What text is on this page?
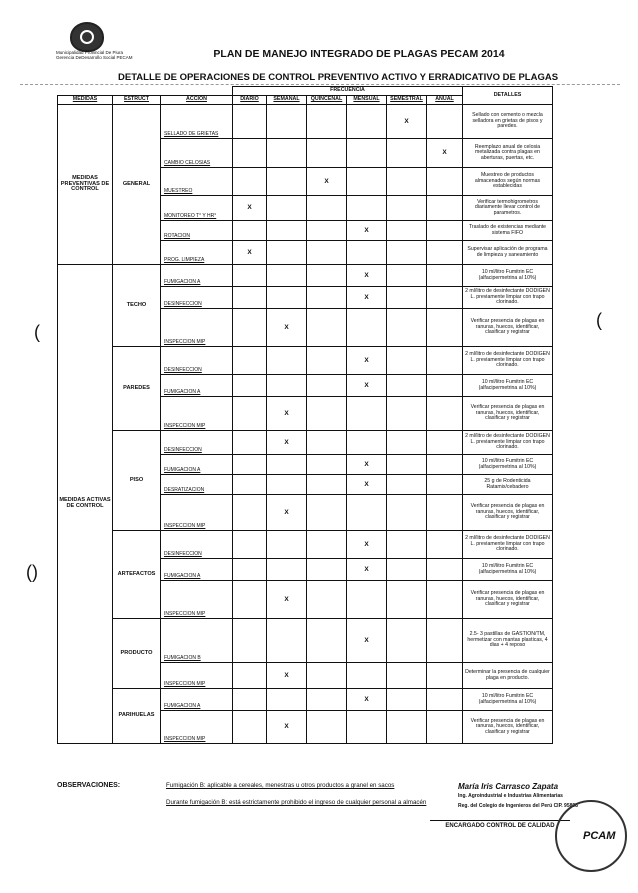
Municipalidad Provincial De Piura
Gerencia DeDesarrollo Social PECAM	PLAN DE MANEJO INTEGRADO DE PLAGAS PECAM 2014
DETALLE DE OPERACIONES DE CONTROL PREVENTIVO ACTIVO Y ERRADICATIVO DE PLAGAS
(
(
()
			FRECUENCIA						DETALLES
MEDIDAS	ESTRUCT	ACCIÓN	DIARIO	SEMANAL	QUINCENAL	MENSUAL	SEMESTRAL	ANUAL	
MEDIDAS PREVENTIVAS DE CONTROL	GENERAL	SELLADO DE GRIETAS					X		Sellado con cemento o mezcla selladora en grietas de pisos y paredes.
		CAMBIO CELOSIAS						X	Reemplazo anual de celosia metalizada contra plagas en aberturas, puertas, etc.
		MUESTREO			X				Muestreo de productos almacenados según normas establecidas
		MONITOREO T° Y HR°	X						Verificar termohigrometros diariamente llevar control de parametros.
		ROTACION				X			Traslado de existencias mediante sistema FIFO
		PROG. LIMPIEZA	X						Supervisar aplicación de programa de limpieza y saneamiento
MEDIDAS ACTIVAS DE CONTROL	TECHO	FUMIGACION A				X			10 ml/litro Fumitrin EC (alfacipermetrina al 10%)
		DESINFECCION				X			2 ml/litro de desinfectante DODIGEN L. previamente limpiar con trapo clorinado.
		INSPECCION MIP		X					Verificar presencia de plagas en ranuras, huecos, identificar, clasificar y registrar
	PAREDES	DESINFECCION				X			2 ml/litro de desinfectante DODIGEN L. previamente limpiar con trapo clorinado.
		FUMIGACION A				X			10 ml/litro Fumitrin EC (alfacipermetrina al 10%)
		INSPECCION MIP		X					Verificar presencia de plagas en ranuras, huecos, identificar, clasificar y registrar
	PISO	DESINFECCION		X					2 ml/litro de desinfectante DODIGEN L. previamente limpiar con trapo clorinado.
		FUMIGACION A				X			10 ml/litro Fumitrin EC (alfacipermetrina al 10%)
		DESRATIZACION				X			25 g de Rodenticida Ratamix/cebadero
		INSPECCION MIP		X					Verificar presencia de plagas en ranuras, huecos, identificar, clasificar y registrar
	ARTEFACTOS	DESINFECCION				X			2 ml/litro de desinfectante DODIGEN L. previamente limpiar con trapo clorinado.
		FUMIGACION A				X			10 ml/litro Fumitrin EC (alfacipermetrina al 10%)
		INSPECCION MIP		X					Verificar presencia de plagas en ranuras, huecos, identificar, clasificar y registrar
	PRODUCTO	FUMIGACION B				X			2.5- 3 pastillas de GASTION/TM, hermetizar con mantas plasticas, 4 dias + 4 reposo
		INSPECCION MIP		X					Determinar la presencia de cualquier plaga en producto.
	PARIHUELAS	FUMIGACION A				X			10 ml/litro Fumitrin EC (alfacipermetrina al 10%)
		INSPECCION MIP		X					Verificar presencia de plagas en ranuras, huecos, identificar, clasificar y registrar
OBSERVACIONES:	Fumigación B: aplicable a cereales, menestras u otros productos a granel en sacos
Durante fumigación B: está estrictamente prohibido el ingreso de cualquier personal a almacén
María Iris Carrasco Zapata
Ing. Agroindustrial e Industrias Alimentarias
Reg. del Colegio de Ingenieros del Perú CIP. 95898
ENCARGADO CONTROL DE CALIDAD
PCAM
